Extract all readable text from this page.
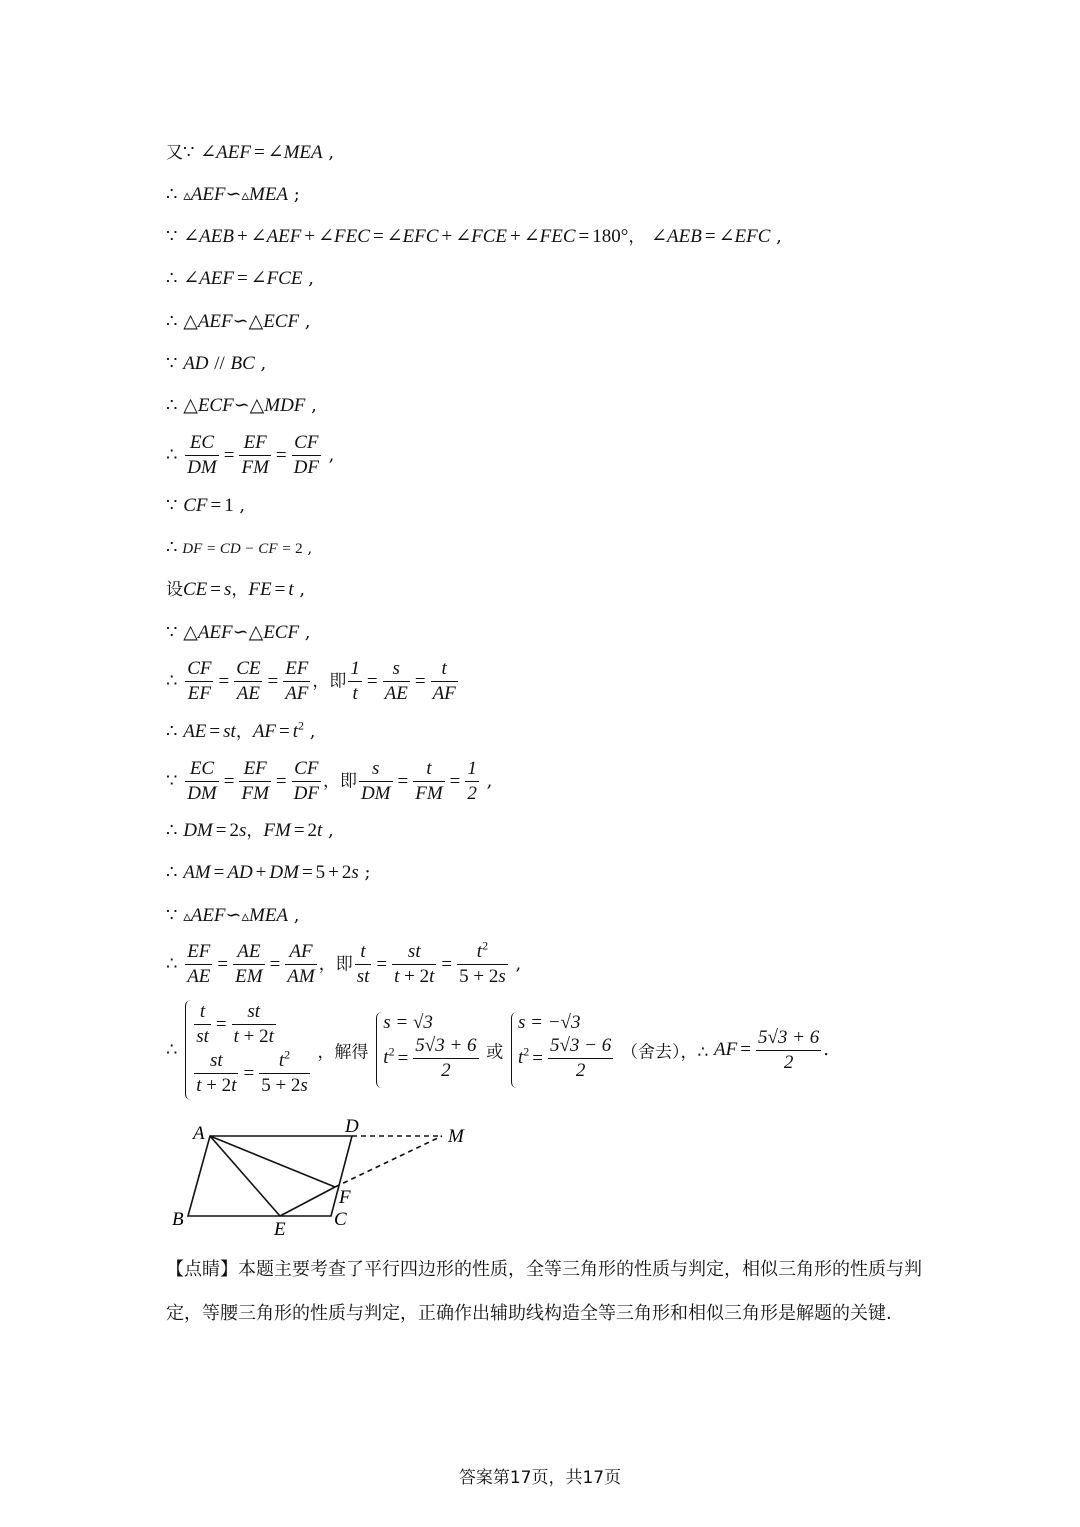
又∵ ∠AEF = ∠MEA ,
∴ ▵AEF∽▵MEA ;
∵ ∠AEB + ∠AEF + ∠FEC = ∠EFC + ∠FCE + ∠FEC = 180°， ∠AEB = ∠EFC ,
∴ ∠AEF = ∠FCE ,
∴ △AEF∽△ECF ,
∵ AD // BC ,
∴ △ECF∽△MDF ,
∴ $\frac{EC}{DM} = \frac{EF}{FM} = \frac{CF}{DF}$ ,
∵ CF = 1 ,
∴ DF = CD − CF = 2 ,
设CE = s，FE = t ,
∵ △AEF∽△ECF ,
∴ $\frac{CF}{EF} = \frac{CE}{AE} = \frac{EF}{AF}$ ，即 $\frac{1}{t} = \frac{s}{AE} = \frac{t}{AF}$
∴ AE = st，AF = $t^2$ ,
∵ $\frac{EC}{DM} = \frac{EF}{FM} = \frac{CF}{DF}$ ，即 $\frac{s}{DM} = \frac{t}{FM} = \frac{1}{2}$ ,
∴ DM = 2s，FM = 2t ,
∴ AM = AD + DM = 5 + 2s ;
∵ ▵AEF∽▵MEA ,
∴ $\frac{EF}{AE} = \frac{AE}{EM} = \frac{AF}{AM}$ ，即 $\frac{t}{st} = \frac{st}{t + 2t} = \frac{t^2}{5 + 2s}$ ,
∴
$\frac{t}{st} = \frac{st}{t + 2t}$
$\frac{st}{t + 2t} = \frac{t^2}{5 + 2s}$ ，解得
s = √3
$t^2 = \frac{5√3 + 6}{2}$ 或
s = −√3
$t^2 = \frac{5√3 - 6}{2}$ （舍去），∴ AF = $\frac{5√3 + 6}{2}$ .
A	D	M
F
B	C
E
【点睛】本题主要考查了平行四边形的性质，全等三角形的性质与判定，相似三角形的性质与判定，等腰三角形的性质与判定，正确作出辅助线构造全等三角形和相似三角形是解题的关键.
答案第17页，共17页
